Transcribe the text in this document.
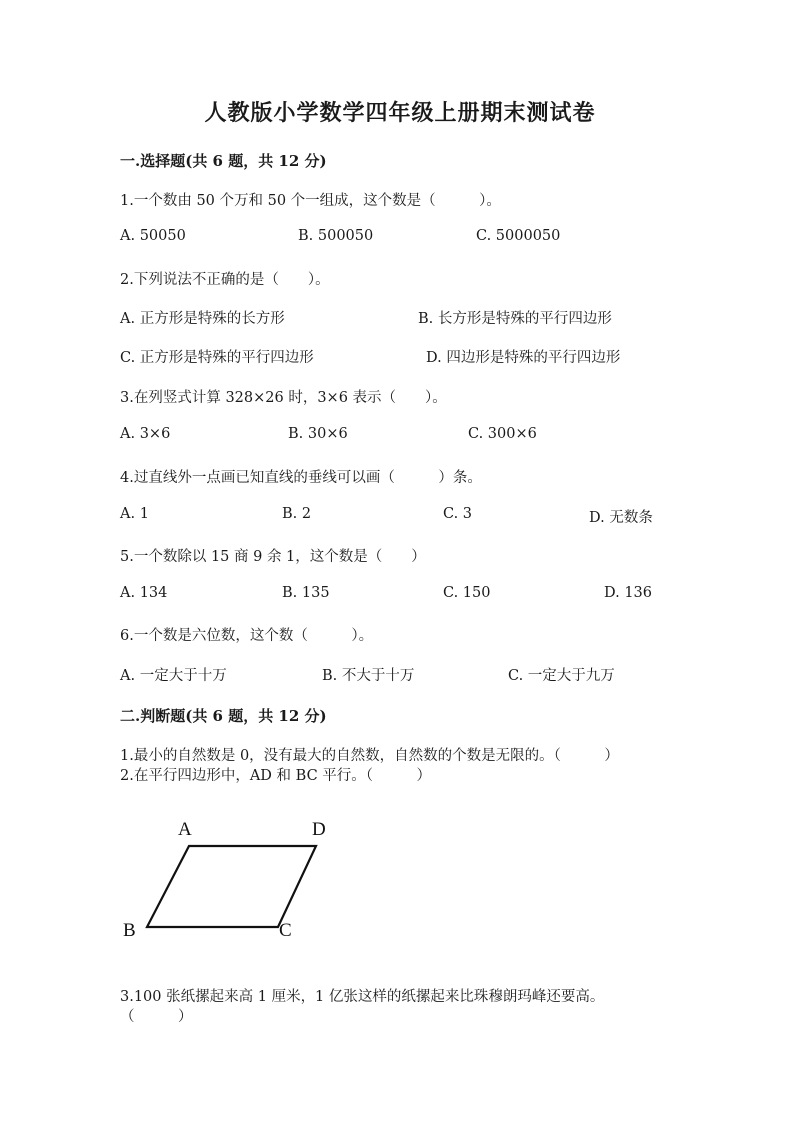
人教版小学数学四年级上册期末测试卷
一.选择题(共 6 题，共 12 分)
1.一个数由 50 个万和 50 个一组成，这个数是（　　　）。
A. 50050	B. 500050	C. 5000050
2.下列说法不正确的是（　　）。
A. 正方形是特殊的长方形	B. 长方形是特殊的平行四边形
C. 正方形是特殊的平行四边形	D. 四边形是特殊的平行四边形
3.在列竖式计算 328×26 时，3×6 表示（　　）。
A. 3×6	B. 30×6	C. 300×6
4.过直线外一点画已知直线的垂线可以画（　　　）条。
A. 1	B. 2	C. 3	D. 无数条
5.一个数除以 15 商 9 余 1，这个数是（　　）
A. 134	B. 135	C. 150	D. 136
6.一个数是六位数，这个数（　　　）。
A. 一定大于十万	B. 不大于十万	C. 一定大于九万
二.判断题(共 6 题，共 12 分)
1.最小的自然数是 0，没有最大的自然数，自然数的个数是无限的。（　　　）
2.在平行四边形中，AD 和 BC 平行。（　　　）
A	D
B	C
3.100 张纸摞起来高 1 厘米，1 亿张这样的纸摞起来比珠穆朗玛峰还要高。
（　　　）
